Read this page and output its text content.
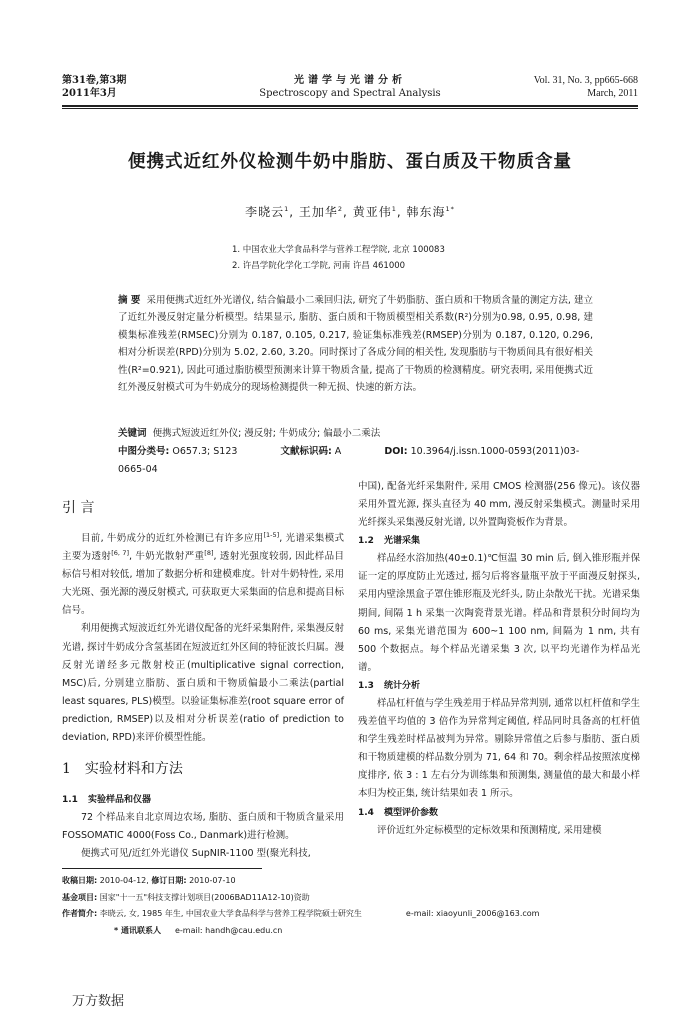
第31卷,第3期
2011年3月
光谱学与光谱分析
Spectroscopy and Spectral Analysis
Vol. 31, No. 3, pp665-668
March, 2011
便携式近红外仪检测牛奶中脂肪、蛋白质及干物质含量
李晓云$^1$, 王加华$^2$, 黄亚伟$^1$, 韩东海$^{1*}$
1. 中国农业大学食品科学与营养工程学院, 北京 100083
2. 许昌学院化学化工学院, 河南 许昌 461000
摘 要 采用便携式近红外光谱仪, 结合偏最小二乘回归法, 研究了牛奶脂肪、蛋白质和干物质含量的测定方法, 建立了近红外漫反射定量分析模型。结果显示, 脂肪、蛋白质和干物质模型相关系数(R²)分别为0.98, 0.95, 0.98, 建模集标准残差(RMSEC)分别为 0.187, 0.105, 0.217, 验证集标准残差(RMSEP)分别为 0.187, 0.120, 0.296, 相对分析误差(RPD)分别为 5.02, 2.60, 3.20。同时探讨了各成分间的相关性, 发现脂肪与干物质间具有很好相关性(R²=0.921), 因此可通过脂肪模型预测来计算干物质含量, 提高了干物质的检测精度。研究表明, 采用便携式近红外漫反射模式可为牛奶成分的现场检测提供一种无损、快速的新方法。
关键词 便携式短波近红外仪; 漫反射; 牛奶成分; 偏最小二乘法
中图分类号: O657.3; S123	文献标识码: A	DOI: 10.3964/j.issn.1000-0593(2011)03-0665-04
引 言
目前, 牛奶成分的近红外检测已有许多应用[1-5], 光谱采集模式主要为透射[6, 7], 牛奶光散射严重[8], 透射光强度较弱, 因此样品目标信号相对较低, 增加了数据分析和建模难度。针对牛奶特性, 采用大光斑、强光源的漫反射模式, 可获取更大采集面的信息和提高目标信号。
利用便携式短波近红外光谱仪配备的光纤采集附件, 采集漫反射光谱, 探讨牛奶成分含氢基团在短波近红外区间的特征波长归属。漫反射光谱经多元散射校正(multiplicative signal correction, MSC)后, 分别建立脂肪、蛋白质和干物质偏最小二乘法(partial least squares, PLS)模型。以验证集标准差(root square error of prediction, RMSEP)以及相对分析误差(ratio of prediction to deviation, RPD)来评价模型性能。
1 实验材料和方法
1.1 实验样品和仪器
72 个样品来自北京周边农场, 脂肪、蛋白质和干物质含量采用 FOSSOMATIC 4000(Foss Co., Danmark)进行检测。
便携式可见/近红外光谱仪 SupNIR-1100 型(聚光科技,
中国), 配备光纤采集附件, 采用 CMOS 检测器(256 像元)。该仪器采用外置光源, 探头直径为 40 mm, 漫反射采集模式。测量时采用光纤探头采集漫反射光谱, 以外置陶瓷板作为背景。
1.2 光谱采集
样品经水浴加热(40±0.1)℃恒温 30 min 后, 倒入锥形瓶并保证一定的厚度防止光透过, 摇匀后将容量瓶平放于平面漫反射探头, 采用内壁涂黑盒子罩住锥形瓶及光纤头, 防止杂散光干扰。光谱采集期间, 间隔 1 h 采集一次陶瓷背景光谱。样品和背景积分时间均为 60 ms, 采集光谱范围为 600~1 100 nm, 间隔为 1 nm, 共有 500 个数据点。每个样品光谱采集 3 次, 以平均光谱作为样品光谱。
1.3 统计分析
样品杠杆值与学生残差用于样品异常判别, 通常以杠杆值和学生残差值平均值的 3 倍作为异常判定阈值, 样品同时具备高的杠杆值和学生残差时样品被判为异常。剔除异常值之后参与脂肪、蛋白质和干物质建模的样品数分别为 71, 64 和 70。剩余样品按照浓度梯度排序, 依 3 : 1 左右分为训练集和预测集, 测量值的最大和最小样本归为校正集, 统计结果如表 1 所示。
1.4 模型评价参数
评价近红外定标模型的定标效果和预测精度, 采用建模
收稿日期: 2010-04-12, 修订日期: 2010-07-10
基金项目: 国家"十一五"科技支撑计划项目(2006BAD11A12-10)资助
作者简介: 李晓云, 女, 1985 年生, 中国农业大学食品科学与营养工程学院硕士研究生	e-mail: xiaoyunli_2006@163.com
* 通讯联系人 e-mail: handh@cau.edu.cn
万方数据
